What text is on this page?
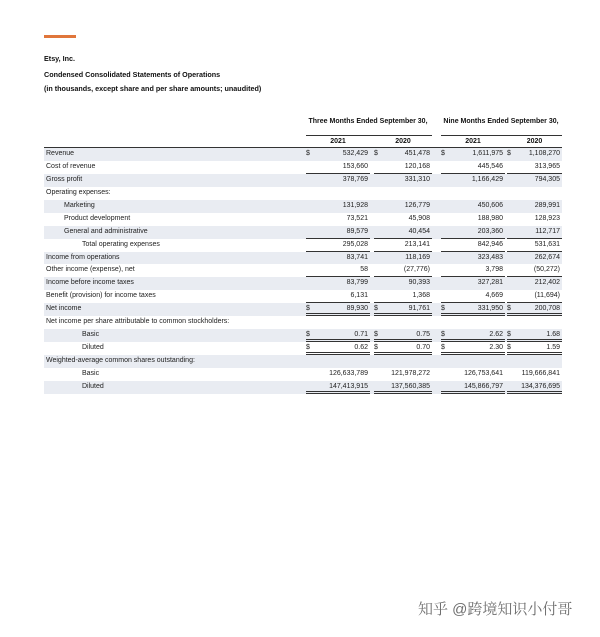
Etsy, Inc.
Condensed Consolidated Statements of Operations
(in thousands, except share and per share amounts; unaudited)
Three Months Ended September 30,	Nine Months Ended September 30,
2021	2020	2021	2020
Revenue	$	532,429 $	451,478 $	1,611,975 $	1,108,270
Cost of revenue	153,660	120,168	445,546	313,965
Gross profit	378,769	331,310	1,166,429	794,305
Operating expenses:
Marketing	131,928	126,779	450,606	289,991
Product development	73,521	45,908	188,980	128,923
General and administrative	89,579	40,454	203,360	112,717
Total operating expenses	295,028	213,141	842,946	531,631
Income from operations	83,741	118,169	323,483	262,674
Other income (expense), net	58	(27,776)	3,798	(50,272)
Income before income taxes	83,799	90,393	327,281	212,402
Benefit (provision) for income taxes	6,131	1,368	4,669	(11,694)
Net income	$	89,930 $	91,761 $	331,950 $	200,708
Net income per share attributable to common stockholders:
Basic	$	0.71 $	0.75 $	2.62 $	1.68
Diluted	$	0.62 $	0.70 $	2.30 $	1.59
Weighted-average common shares outstanding:
Basic	126,633,789	121,978,272	126,753,641	119,666,841
Diluted	147,413,915	137,560,385	145,866,797	134,376,695
知乎 @跨境知识小付哥
